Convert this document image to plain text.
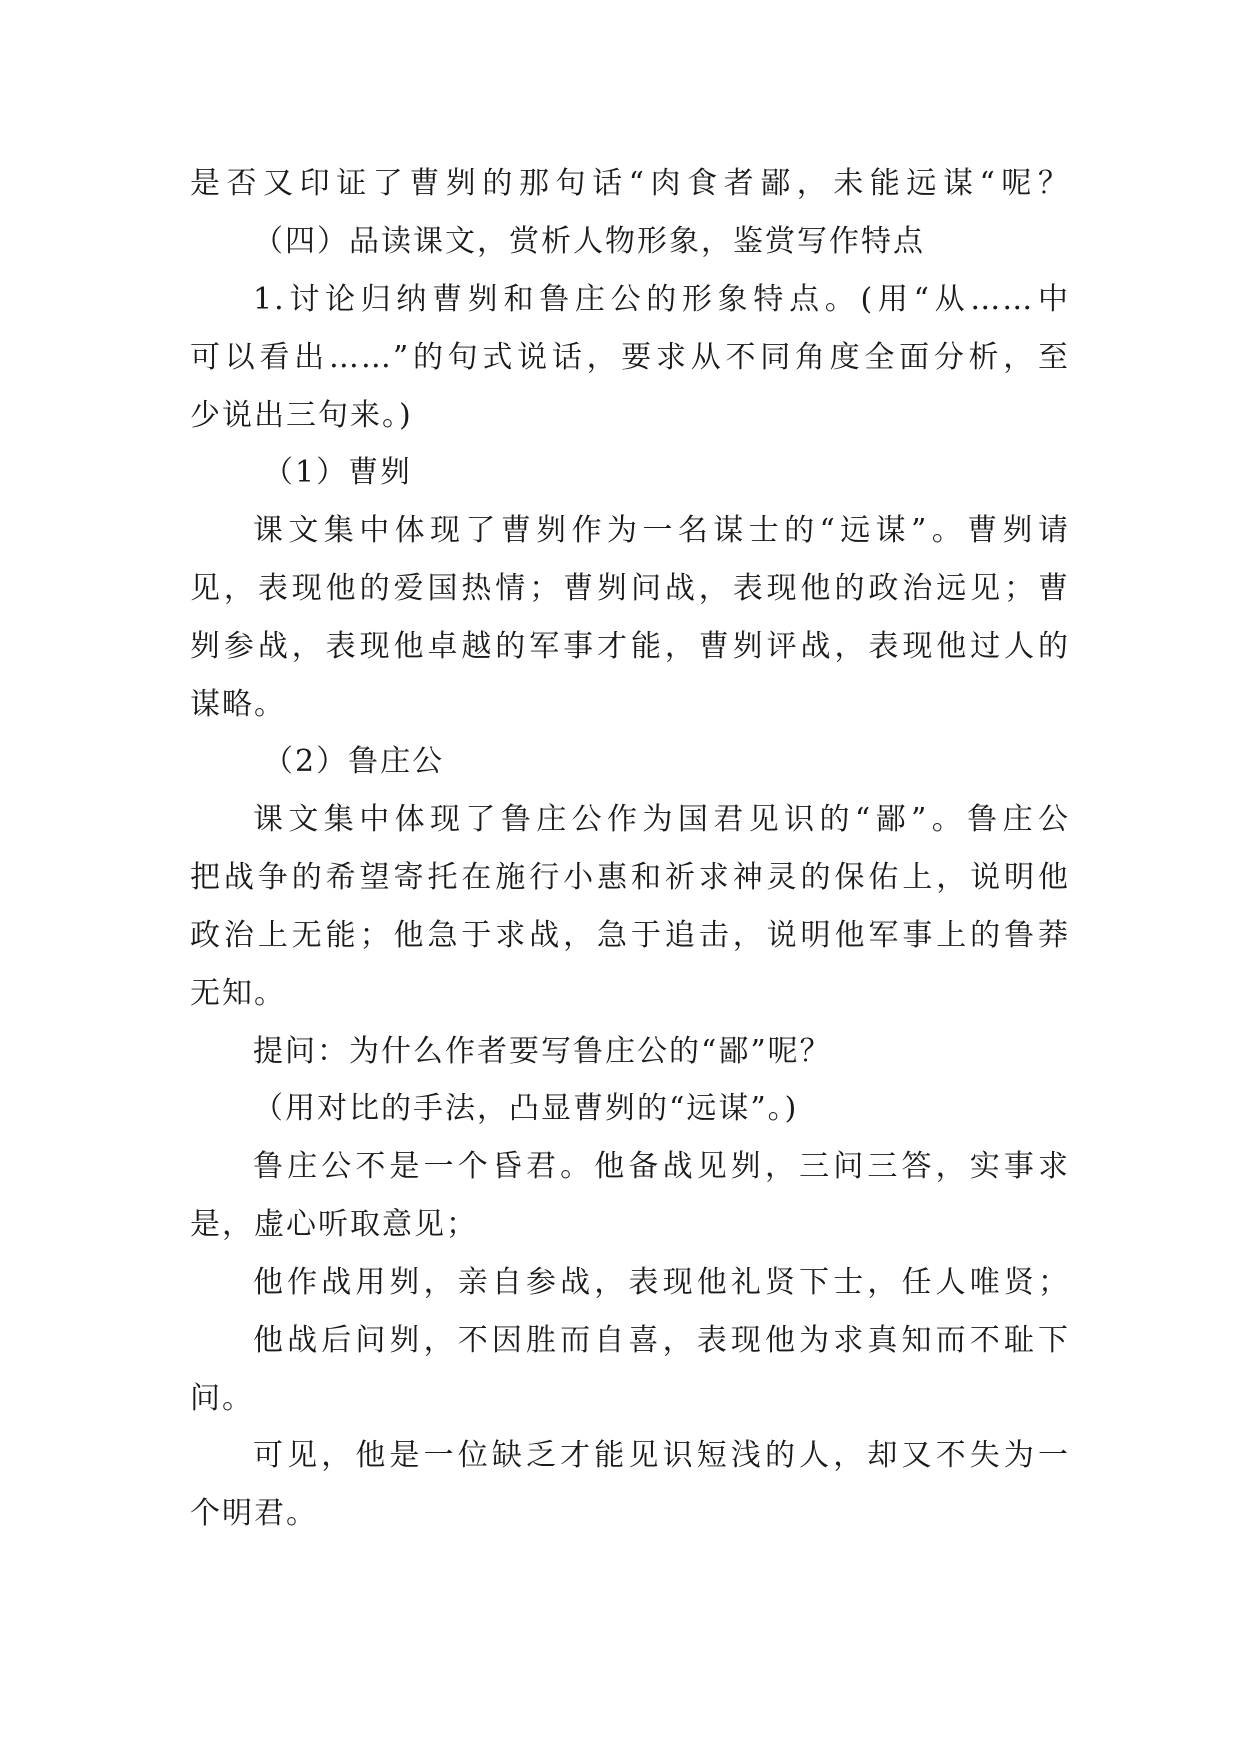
是否又印证了曹刿的那句话“肉食者鄙，未能远谋“呢？
（四）品读课文，赏析人物形象，鉴赏写作特点
1.讨论归纳曹刿和鲁庄公的形象特点。(用“从……中
可以看出……”的句式说话，要求从不同角度全面分析，至
少说出三句来。)
（1）曹刿
课文集中体现了曹刿作为一名谋士的“远谋”。曹刿请
见，表现他的爱国热情；曹刿问战，表现他的政治远见；曹
刿参战，表现他卓越的军事才能，曹刿评战，表现他过人的
谋略。
（2）鲁庄公
课文集中体现了鲁庄公作为国君见识的“鄙”。鲁庄公
把战争的希望寄托在施行小惠和祈求神灵的保佑上，说明他
政治上无能；他急于求战，急于追击，说明他军事上的鲁莽
无知。
提问：为什么作者要写鲁庄公的“鄙”呢？
（用对比的手法，凸显曹刿的“远谋”。)
鲁庄公不是一个昏君。他备战见刿，三问三答，实事求
是，虚心听取意见；
他作战用刿，亲自参战，表现他礼贤下士，任人唯贤；
他战后问刿，不因胜而自喜，表现他为求真知而不耻下
问。
可见，他是一位缺乏才能见识短浅的人，却又不失为一
个明君。
